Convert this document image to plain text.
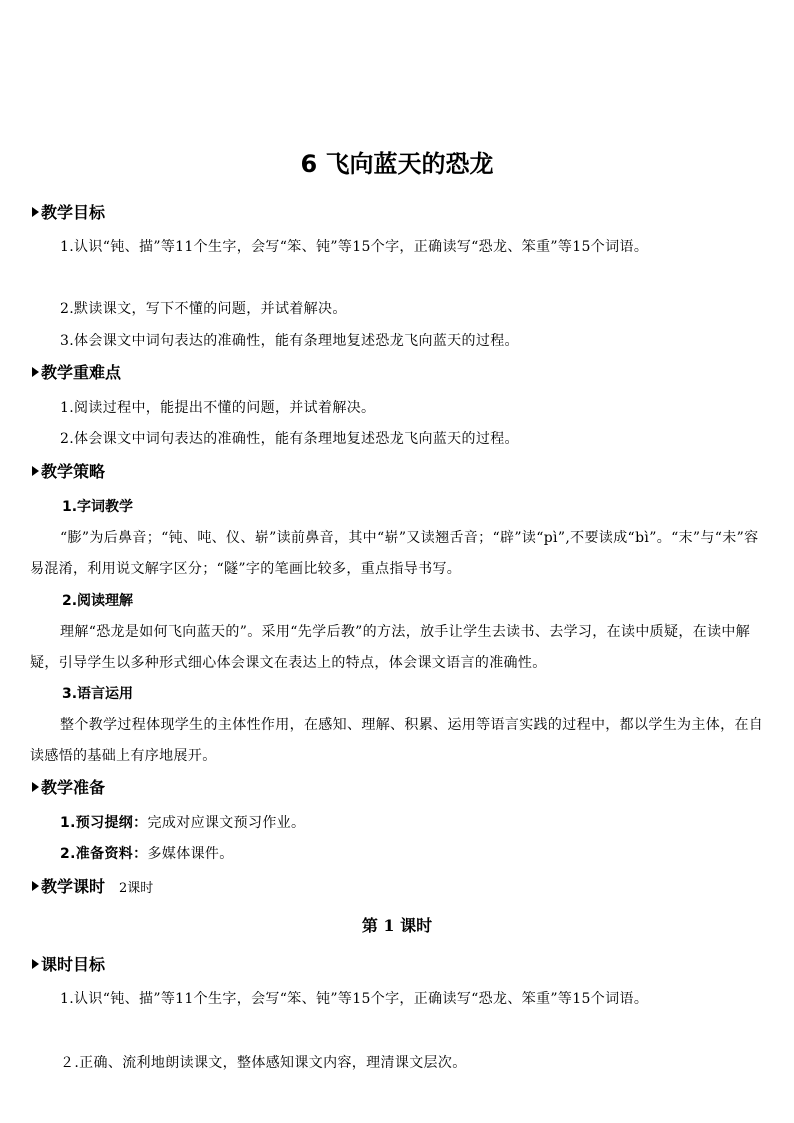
6 飞向蓝天的恐龙
教学目标
1.认识“钝、描”等11个生字，会写“笨、钝”等15个字，正确读写“恐龙、笨重”等15个词语。
2.默读课文，写下不懂的问题，并试着解决。
3.体会课文中词句表达的准确性，能有条理地复述恐龙飞向蓝天的过程。
教学重难点
1.阅读过程中，能提出不懂的问题，并试着解决。
2.体会课文中词句表达的准确性，能有条理地复述恐龙飞向蓝天的过程。
教学策略
1.字词教学
“膨”为后鼻音；“钝、吨、仪、崭”读前鼻音，其中“崭”又读翘舌音；“辟”读“pì”,不要读成“bì”。“末”与“未”容易混淆，利用说文解字区分；“隧”字的笔画比较多，重点指导书写。
2.阅读理解
理解“恐龙是如何飞向蓝天的”。采用“先学后教”的方法，放手让学生去读书、去学习，在读中质疑，在读中解疑，引导学生以多种形式细心体会课文在表达上的特点，体会课文语言的准确性。
3.语言运用
整个教学过程体现学生的主体性作用，在感知、理解、积累、运用等语言实践的过程中，都以学生为主体，在自读感悟的基础上有序地展开。
教学准备
1.预习提纲：完成对应课文预习作业。
2.准备资料：多媒体课件。
教学课时 2课时
第 1 课时
课时目标
1.认识“钝、描”等11个生字，会写“笨、钝”等15个字，正确读写“恐龙、笨重”等15个词语。
２.正确、流利地朗读课文，整体感知课文内容，理清课文层次。
